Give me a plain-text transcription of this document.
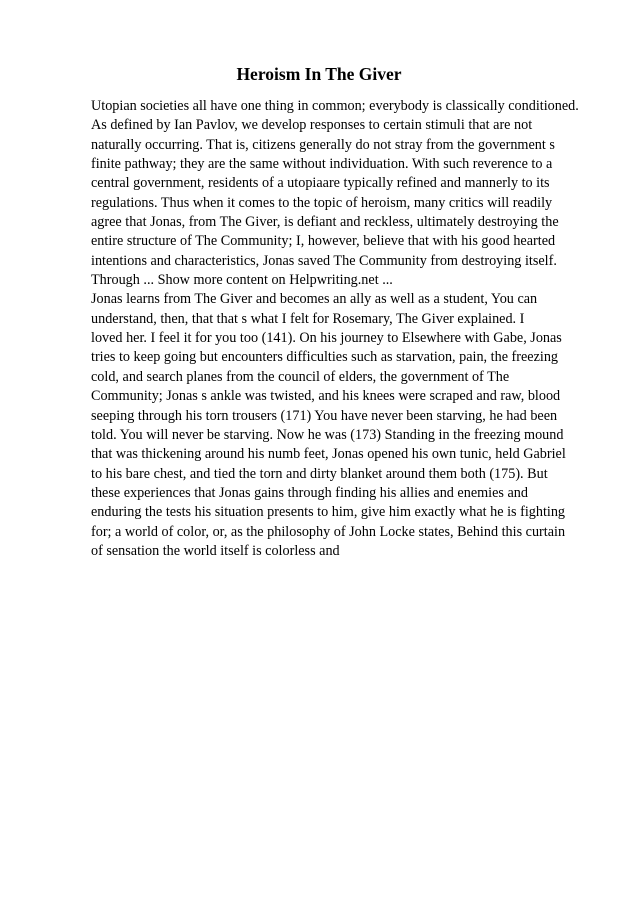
Heroism In The Giver
Utopian societies all have one thing in common; everybody is classically conditioned.
As defined by Ian Pavlov, we develop responses to certain stimuli that are not
naturally occurring. That is, citizens generally do not stray from the government s
finite pathway; they are the same without individuation. With such reverence to a
central government, residents of a utopiaare typically refined and mannerly to its
regulations. Thus when it comes to the topic of heroism, many critics will readily
agree that Jonas, from The Giver, is defiant and reckless, ultimately destroying the
entire structure of The Community; I, however, believe that with his good hearted
intentions and characteristics, Jonas saved The Community from destroying itself.
Through ... Show more content on Helpwriting.net ...
Jonas learns from The Giver and becomes an ally as well as a student, You can
understand, then, that that s what I felt for Rosemary, The Giver explained. I
loved her. I feel it for you too (141). On his journey to Elsewhere with Gabe, Jonas
tries to keep going but encounters difficulties such as starvation, pain, the freezing
cold, and search planes from the council of elders, the government of The
Community; Jonas s ankle was twisted, and his knees were scraped and raw, blood
seeping through his torn trousers (171) You have never been starving, he had been
told. You will never be starving. Now he was (173) Standing in the freezing mound
that was thickening around his numb feet, Jonas opened his own tunic, held Gabriel
to his bare chest, and tied the torn and dirty blanket around them both (175). But
these experiences that Jonas gains through finding his allies and enemies and
enduring the tests his situation presents to him, give him exactly what he is fighting
for; a world of color, or, as the philosophy of John Locke states, Behind this curtain
of sensation the world itself is colorless and
